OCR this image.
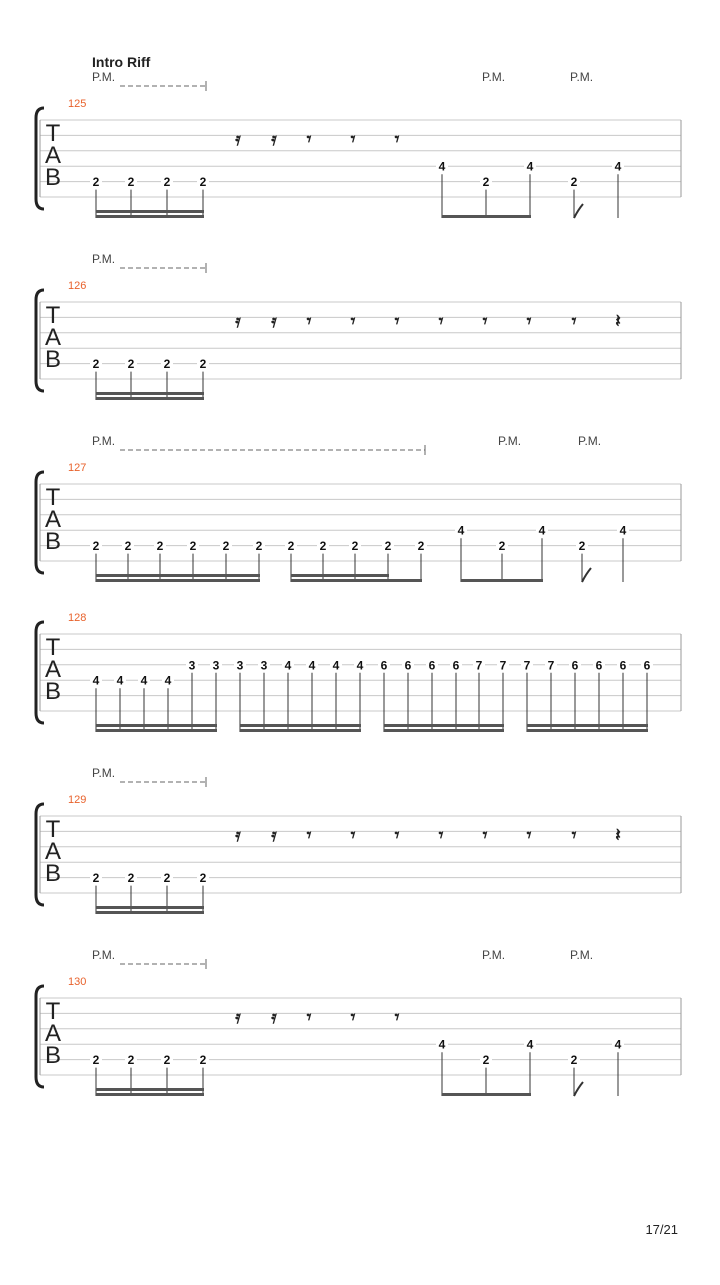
Intro Riff
T
A
B
125
P.M.	P.M.	P.M.
𝄿 𝄿 𝄾 𝄾 𝄾
2 2 2 2
4
2
4
2
4
T
A
B
126
P.M.
𝄿 𝄿 𝄾 𝄾 𝄾 𝄾 𝄾 𝄾 𝄾 𝄽
2 2 2 2
T
A
B
127
P.M.	P.M.	P.M.
2 2 2 2 2 2 2 2 2 2 2
4
2
4
2
4
T
A
B
128
4 4 4 4
3 3 3 3 4 4 4 4 6 6 6 6 7 7 7 7 6 6 6 6
T
A
B
129
P.M.
𝄿 𝄿 𝄾 𝄾 𝄾 𝄾 𝄾 𝄾 𝄾 𝄽
2 2 2 2
T
A
B
130
P.M.	P.M.	P.M.
𝄿 𝄿 𝄾 𝄾 𝄾
2 2 2 2
4
2
4
2
4
17/21
